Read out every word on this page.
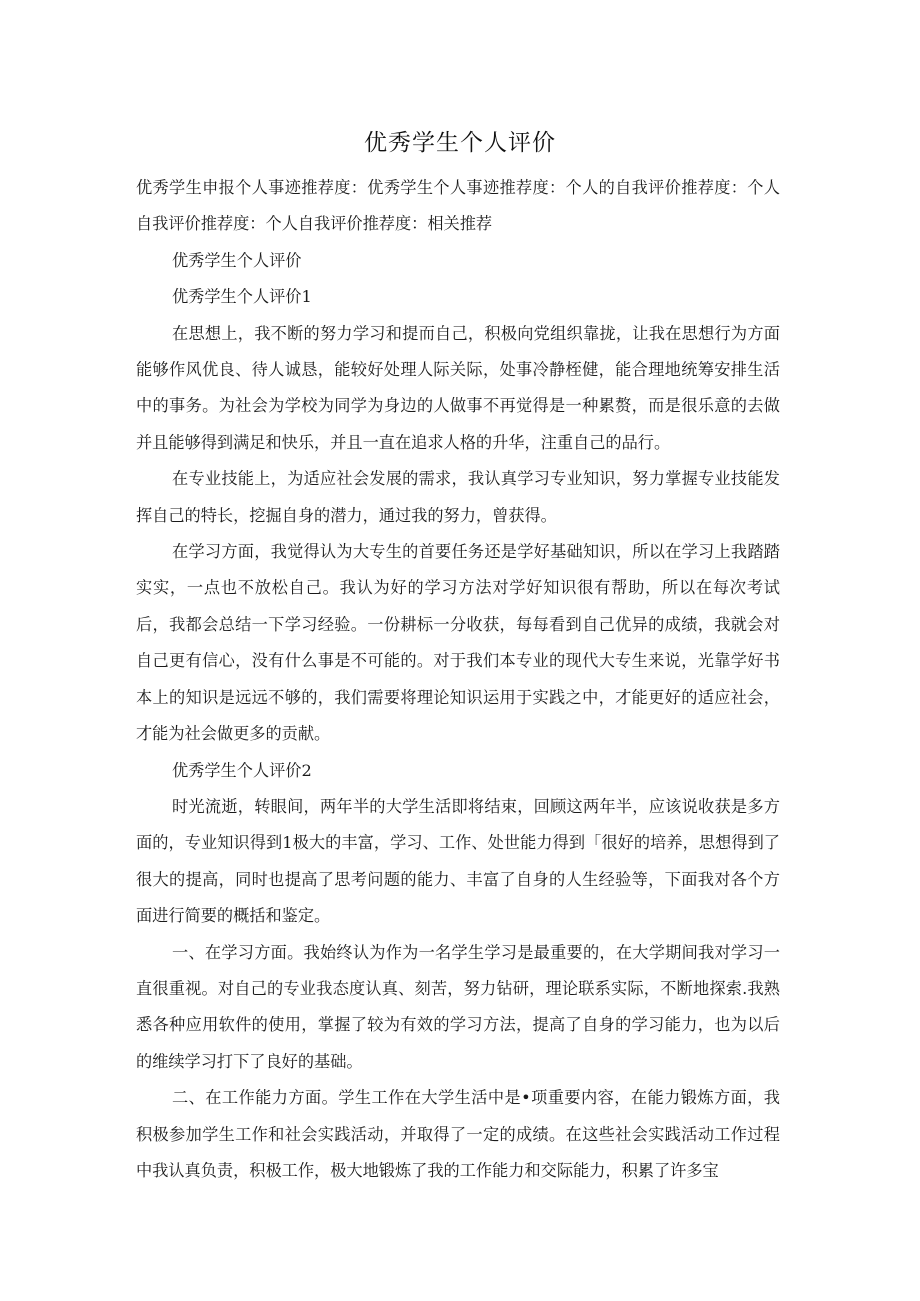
优秀学生个人评价

优秀学生申报个人事迹推荐度：优秀学生个人事迹推荐度：个人的自我评价推荐度：个人自我评价推荐度：个人自我评价推荐度：相关推荐

优秀学生个人评价

优秀学生个人评价1

在思想上，我不断的努力学习和提而自己，积极向党组织靠拢，让我在思想行为方面能够作风优良、待人诚恳，能较好处理人际关际，处事冷静桎健，能合理地统筹安排生活中的事务。为社会为学校为同学为身边的人做事不再觉得是一种累赘，而是很乐意的去做并且能够得到满足和快乐，并且一直在追求人格的升华，注重自己的品行。

在专业技能上，为适应社会发展的需求，我认真学习专业知识，努力掌握专业技能发挥自己的特长，挖掘自身的潜力，通过我的努力，曾获得。

在学习方面，我觉得认为大专生的首要任务还是学好基础知识，所以在学习上我踏踏实实，一点也不放松自己。我认为好的学习方法对学好知识很有帮助，所以在每次考试后，我都会总结一下学习经验。一份耕标一分收获，每每看到自己优异的成绩，我就会对自己更有信心，没有什么事是不可能的。对于我们本专业的现代大专生来说，光靠学好书本上的知识是远远不够的，我们需要将理论知识运用于实践之中，才能更好的适应社会，才能为社会做更多的贡献。

优秀学生个人评价2

时光流逝，转眼间，两年半的大学生活即将结束，回顾这两年半，应该说收获是多方面的，专业知识得到1极大的丰富，学习、工作、处世能力得到「很好的培养，思想得到了很大的提高，同时也提高了思考问题的能力、丰富了自身的人生经验等，下面我对各个方面进行简要的概括和鉴定。

一、在学习方面。我始终认为作为一名学生学习是最重要的，在大学期间我对学习一直很重视。对自己的专业我态度认真、刻苦，努力钻研，理论联系实际，不断地探索.我熟悉各种应用软件的使用，掌握了较为有效的学习方法，提高了自身的学习能力，也为以后的维续学习打下了良好的基础。

二、在工作能力方面。学生工作在大学生活中是•项重要内容，在能力锻炼方面，我积极参加学生工作和社会实践活动，并取得了一定的成绩。在这些社会实践活动工作过程中我认真负责，积极工作，极大地锻炼了我的工作能力和交际能力，积累了许多宝
